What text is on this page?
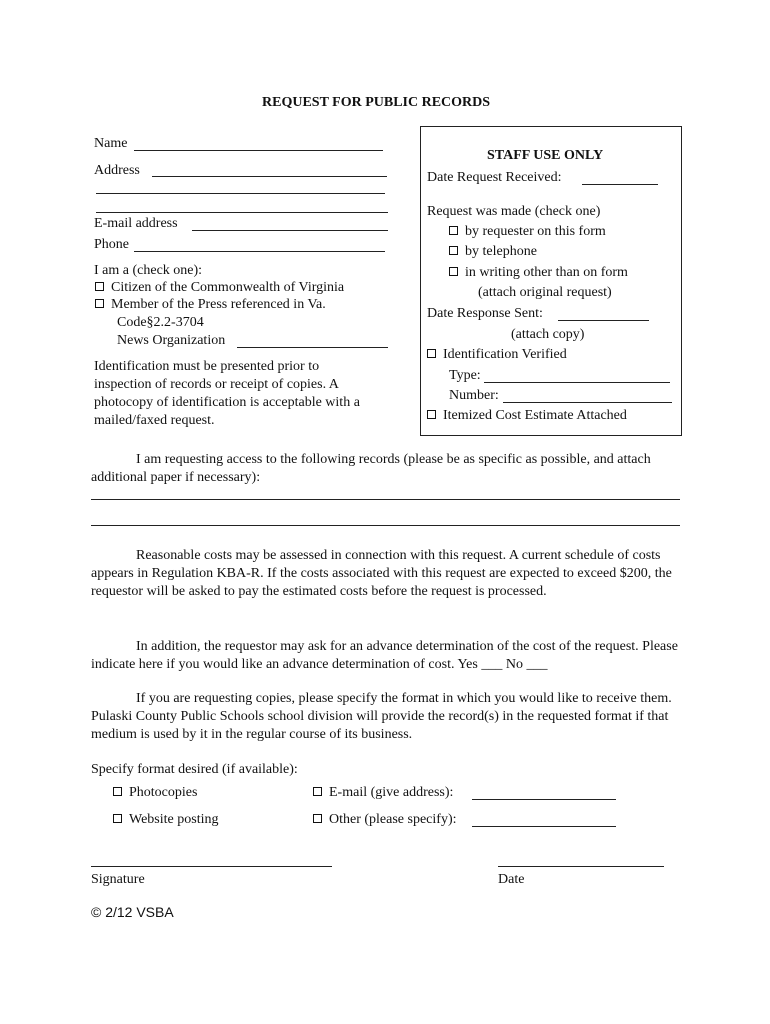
REQUEST FOR PUBLIC RECORDS
Name
Address
E-mail address
Phone
I am a (check one):
Citizen of the Commonwealth of Virginia
Member of the Press referenced in Va.
Code§2.2-3704
News Organization
Identification must be presented prior to
inspection of records or receipt of copies. A
photocopy of identification is acceptable with a
mailed/faxed request.
STAFF USE ONLY
Date Request Received:
Request was made (check one)
by requester on this form
by telephone
in writing other than on form
(attach original request)
Date Response Sent:
(attach copy)
Identification Verified
Type:
Number:
Itemized Cost Estimate Attached
I am requesting access to the following records (please be as specific as possible, and attach additional paper if necessary):
Reasonable costs may be assessed in connection with this request. A current schedule of costs appears in Regulation KBA-R. If the costs associated with this request are expected to exceed $200, the requestor will be asked to pay the estimated costs before the request is processed.
In addition, the requestor may ask for an advance determination of the cost of the request. Please indicate here if you would like an advance determination of cost. Yes ___ No ___
If you are requesting copies, please specify the format in which you would like to receive them. Pulaski County Public Schools school division will provide the record(s) in the requested format if that medium is used by it in the regular course of its business.
Specify format desired (if available):
Photocopies	E-mail (give address):
Website posting	Other (please specify):
Signature	Date
© 2/12 VSBA
